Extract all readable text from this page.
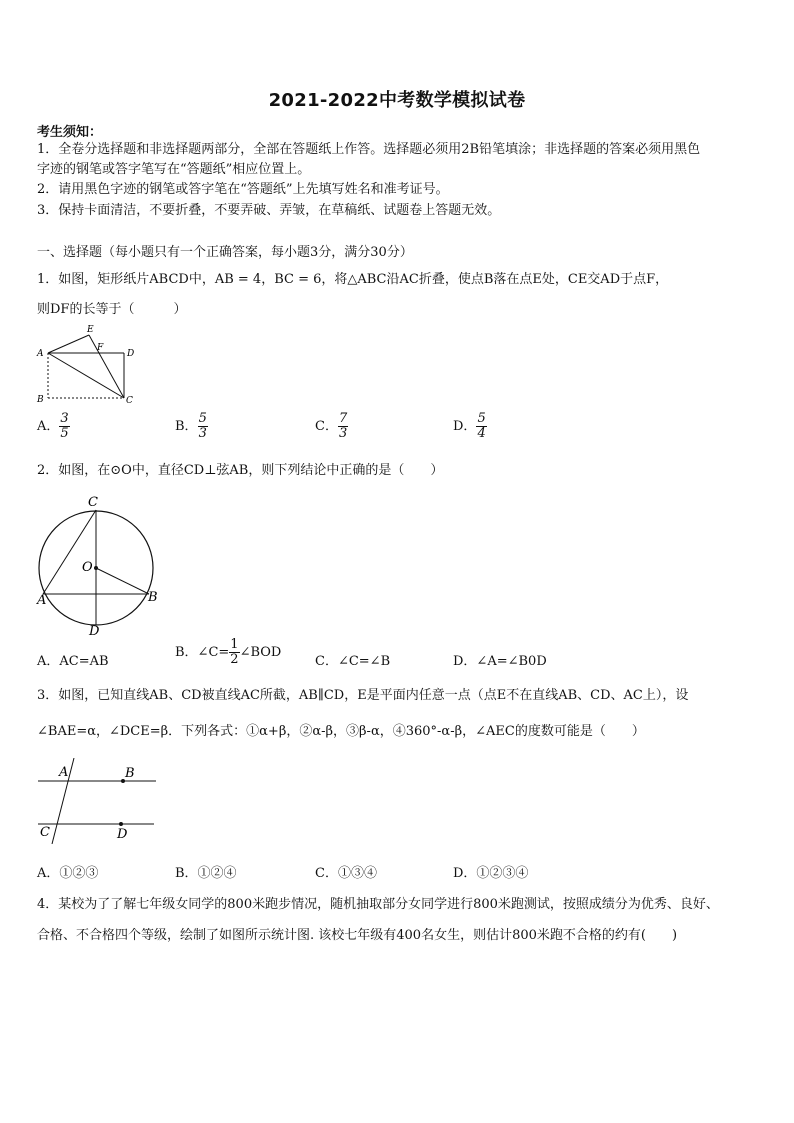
2021-2022中考数学模拟试卷
考生须知：
1．全卷分选择题和非选择题两部分，全部在答题纸上作答。选择题必须用2B铅笔填涂；非选择题的答案必须用黑色
字迹的钢笔或答字笔写在“答题纸”相应位置上。
2．请用黑色字迹的钢笔或答字笔在“答题纸”上先填写姓名和准考证号。
3．保持卡面清洁，不要折叠，不要弄破、弄皱，在草稿纸、试题卷上答题无效。
一、选择题（每小题只有一个正确答案，每小题3分，满分30分）
1．如图，矩形纸片ABCD中，AB = 4，BC = 6，将△ABC沿AC折叠，使点B落在点E处，CE交AD于点F，
则DF的长等于（　　　）
A
B	C
D
E
F
A． $\frac{3}{5}$	B． $\frac{5}{3}$	C． $\frac{7}{3}$	D． $\frac{5}{4}$
2．如图，在⊙O中，直径CD⊥弦AB，则下列结论中正确的是（　　）
C
O
A	B
D
A．AC=AB
B．∠C= $\frac{1}{2}$ ∠BOD
C．∠C=∠B	D．∠A=∠B0D
3．如图，已知直线AB、CD被直线AC所截，AB∥CD，E是平面内任意一点（点E不在直线AB、CD、AC上），设
∠BAE=α，∠DCE=β．下列各式：①α+β，②α-β，③β-α，④360°-α-β，∠AEC的度数可能是（　　）
A	B
C	D
A．①②③	B．①②④	C．①③④	D．①②③④
4．某校为了了解七年级女同学的800米跑步情况，随机抽取部分女同学进行800米跑测试，按照成绩分为优秀、良好、
合格、不合格四个等级，绘制了如图所示统计图. 该校七年级有400名女生，则估计800米跑不合格的约有(　　)
